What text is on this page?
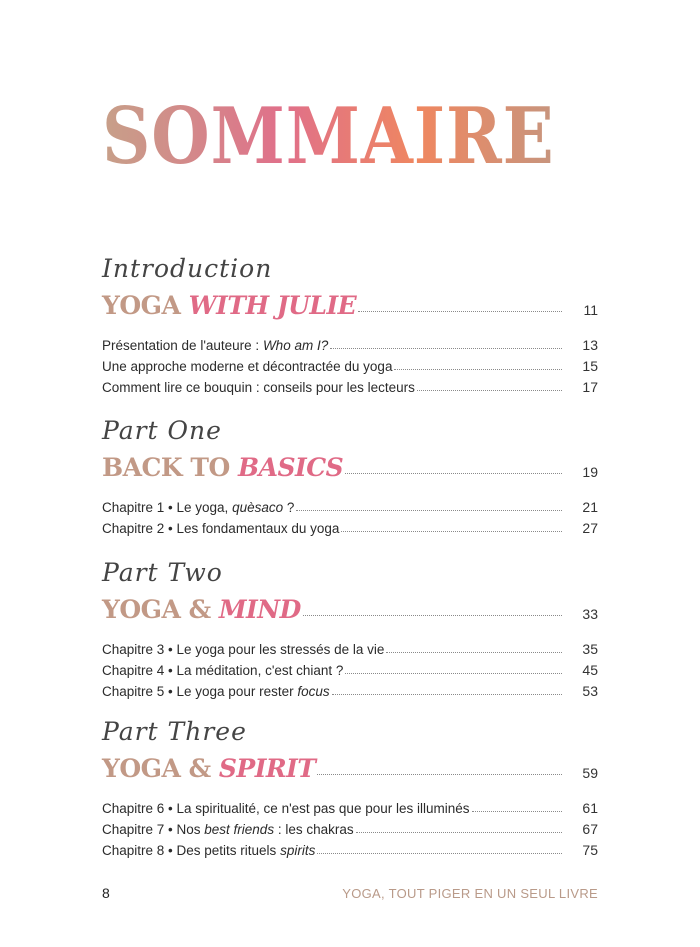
SOMMAIRE
Introduction
YOGA WITH JULIE	11
Présentation de l'auteure : Who am I?	13
Une approche moderne et décontractée du yoga	15
Comment lire ce bouquin : conseils pour les lecteurs	17
Part One
BACK TO BASICS	19
Chapitre 1 • Le yoga, quèsaco ?	21
Chapitre 2 • Les fondamentaux du yoga	27
Part Two
YOGA & MIND	33
Chapitre 3 • Le yoga pour les stressés de la vie	35
Chapitre 4 • La méditation, c'est chiant ?	45
Chapitre 5 • Le yoga pour rester focus	53
Part Three
YOGA & SPIRIT	59
Chapitre 6 • La spiritualité, ce n'est pas que pour les illuminés	61
Chapitre 7 • Nos best friends : les chakras	67
Chapitre 8 • Des petits rituels spirits	75
8	YOGA, TOUT PIGER EN UN SEUL LIVRE
